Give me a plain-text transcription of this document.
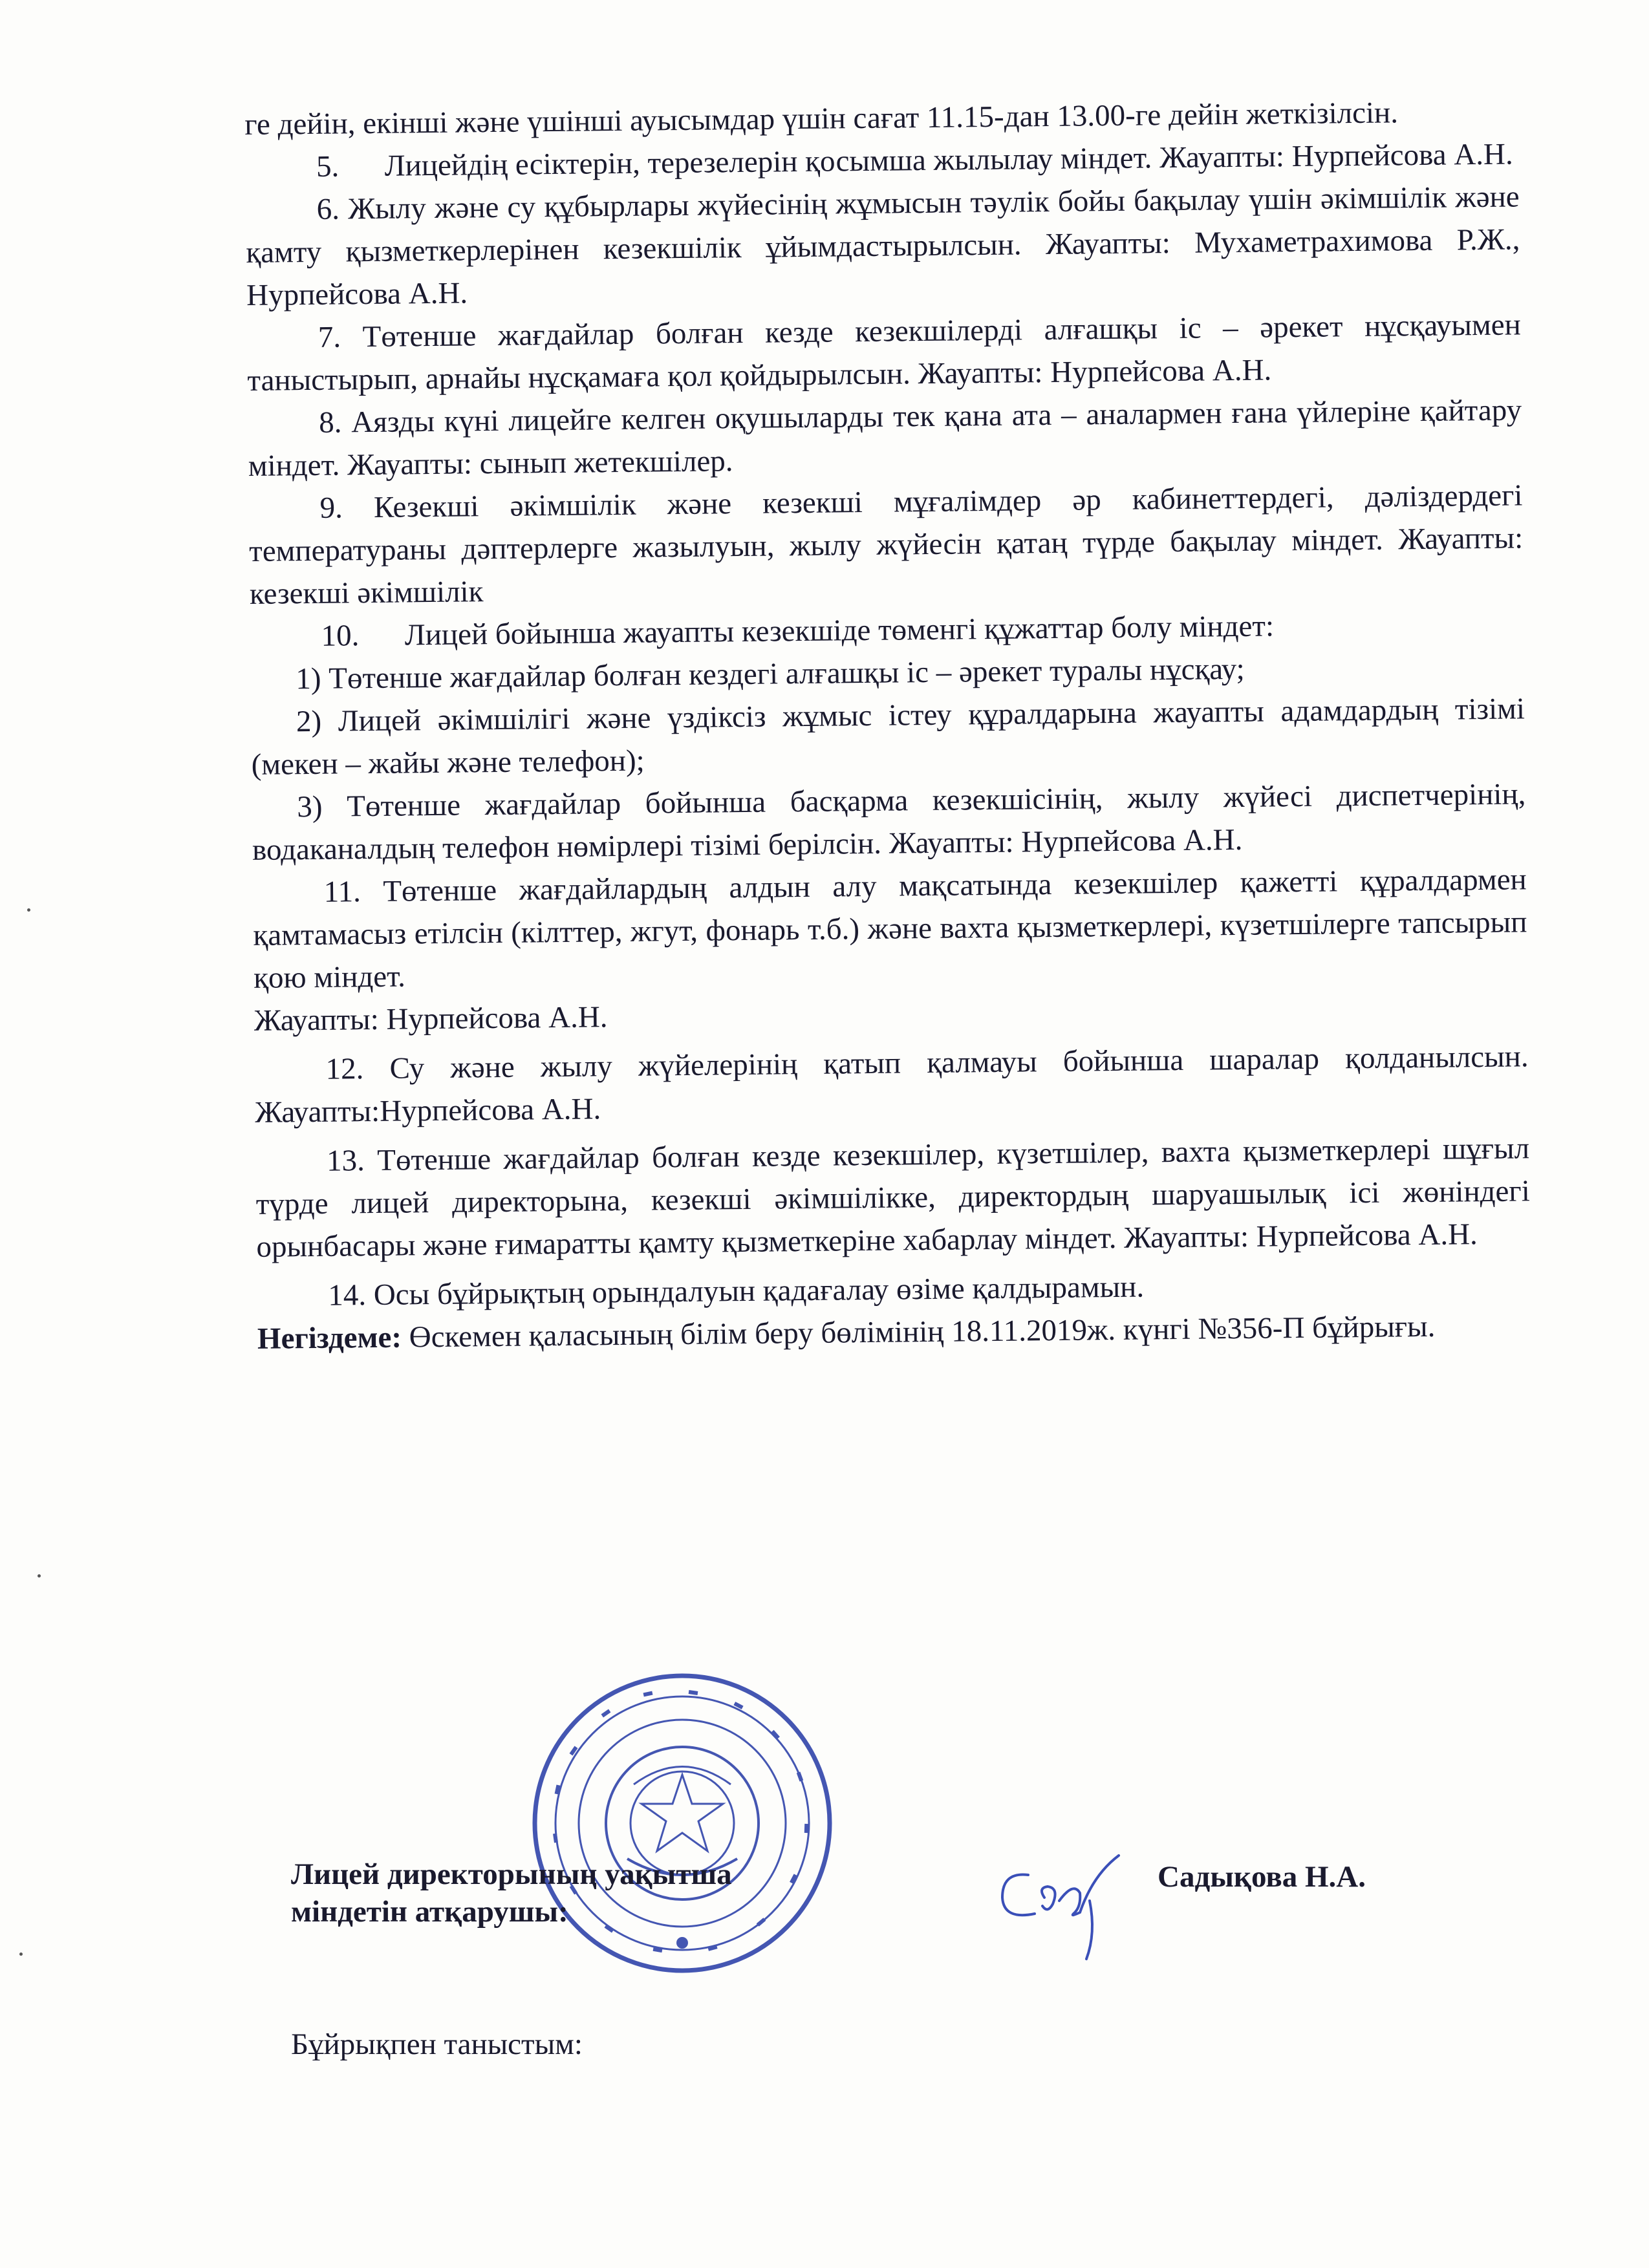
ге дейін, екінші және үшінші ауысымдар үшін сағат 11.15-дан 13.00-ге дейін жеткізілсін.

5.      Лицейдің есіктерін, терезелерін қосымша жылылау міндет. Жауапты: Нурпейсова А.Н.

6. Жылу және су құбырлары жүйесінің жұмысын тәулік бойы бақылау үшін әкімшілік және қамту қызметкерлерінен кезекшілік ұйымдастырылсын. Жауапты: Мухаметрахимова Р.Ж., Нурпейсова А.Н.

7. Төтенше жағдайлар болған кезде кезекшілерді алғашқы іс – әрекет нұсқауымен таныстырып, арнайы нұсқамаға қол қойдырылсын. Жауапты: Нурпейсова А.Н.

8. Аязды күні лицейге келген оқушыларды тек қана ата – аналармен ғана үйлеріне қайтару міндет. Жауапты: сынып жетекшілер.

9. Кезекші әкімшілік және кезекші мұғалімдер әр кабинеттердегі, дәліздердегі температураны дәптерлерге жазылуын, жылу жүйесін қатаң түрде бақылау міндет. Жауапты: кезекші әкімшілік

10.      Лицей бойынша жауапты кезекшіде төменгі құжаттар болу міндет:

1) Төтенше жағдайлар болған кездегі алғашқы іс – әрекет туралы нұсқау;

2) Лицей әкімшілігі және үздіксіз жұмыс істеу құралдарына жауапты адамдардың тізімі (мекен – жайы және телефон);

3) Төтенше жағдайлар бойынша басқарма кезекшісінің, жылу жүйесі диспетчерінің, водаканалдың телефон нөмірлері тізімі берілсін. Жауапты: Нурпейсова А.Н.

11. Төтенше жағдайлардың алдын алу мақсатында кезекшілер қажетті құралдармен қамтамасыз етілсін (кілттер, жгут, фонарь т.б.) және вахта қызметкерлері, күзетшілерге тапсырып қою міндет.

Жауапты: Нурпейсова А.Н.

12. Су және жылу жүйелерінің қатып қалмауы бойынша шаралар қолданылсын. Жауапты:Нурпейсова А.Н.

13. Төтенше жағдайлар болған кезде кезекшілер, күзетшілер, вахта қызметкерлері шұғыл түрде лицей директорына, кезекші әкімшілікке, директордың шаруашылық ісі жөніндегі орынбасары және ғимаратты қамту қызметкеріне хабарлау міндет. Жауапты: Нурпейсова А.Н.

14. Осы бұйрықтың орындалуын қадағалау өзіме қалдырамын.

Негіздеме: Өскемен қаласының білім беру бөлімінің 18.11.2019ж. күнгі №356-П бұйрығы.

Лицей директорының уақытша
міндетін атқарушы:
Садықова Н.А.
Бұйрықпен таныстым:
